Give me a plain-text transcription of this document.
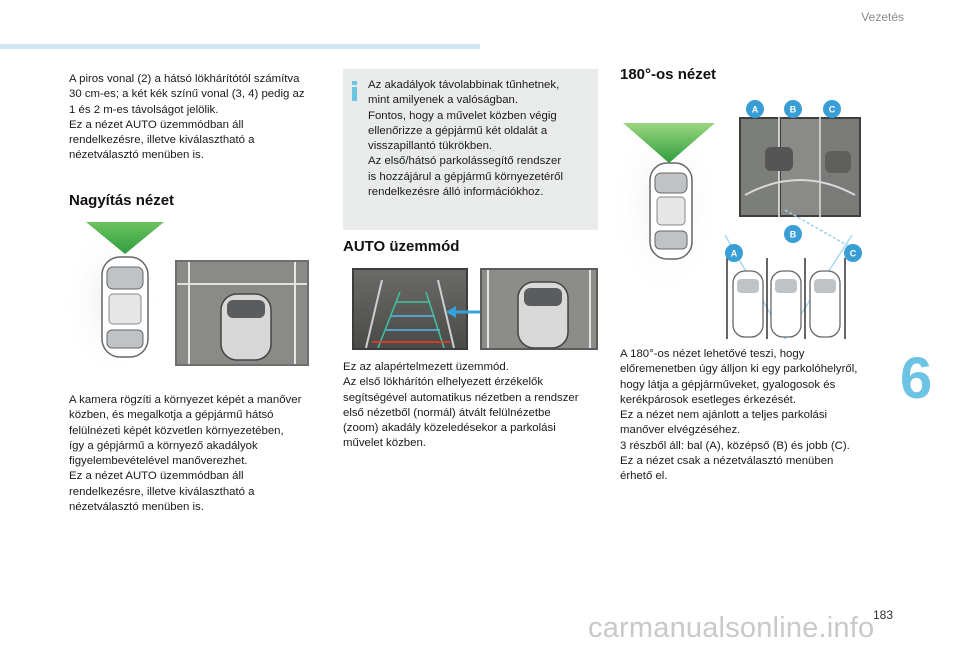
Vezetés
A piros vonal (2) a hátsó lökhárítótól számítva
30 cm-es; a két kék színű vonal (3, 4) pedig az
1 és 2 m-es távolságot jelölik.
Ez a nézet AUTO üzemmódban áll
rendelkezésre, illetve kiválasztható a
nézetválasztó menüben is.
Nagyítás nézet
A kamera rögzíti a környezet képét a manőver
közben, és megalkotja a gépjármű hátsó
felülnézeti képét közvetlen környezetében,
így a gépjármű a környező akadályok
figyelembevételével manőverezhet.
Ez a nézet AUTO üzemmódban áll
rendelkezésre, illetve kiválasztható a
nézetválasztó menüben is.
Az akadályok távolabbinak tűnhetnek,
mint amilyenek a valóságban.
Fontos, hogy a művelet közben végig
ellenőrizze a gépjármű két oldalát a
visszapillantó tükrökben.
Az első/hátsó parkolássegítő rendszer
is hozzájárul a gépjármű környezetéről
rendelkezésre álló információkhoz.
AUTO üzemmód
Ez az alapértelmezett üzemmód.
Az első lökhárítón elhelyezett érzékelők
segítségével automatikus nézetben a rendszer
első nézetből (normál) átvált felülnézetbe
(zoom) akadály közeledésekor a parkolási
művelet közben.
180°-os nézet
A	B	C
B
A	C
A 180°-os nézet lehetővé teszi, hogy
előremenetben úgy álljon ki egy parkolóhelyről,
hogy látja a gépjárműveket, gyalogosok és
kerékpárosok esetleges érkezését.
Ez a nézet nem ajánlott a teljes parkolási
manőver elvégzéséhez.
3 részből áll: bal (A), középső (B) és jobb (C).
Ez a nézet csak a nézetválasztó menüben
érhető el.
6
183
carmanualsonline.info
